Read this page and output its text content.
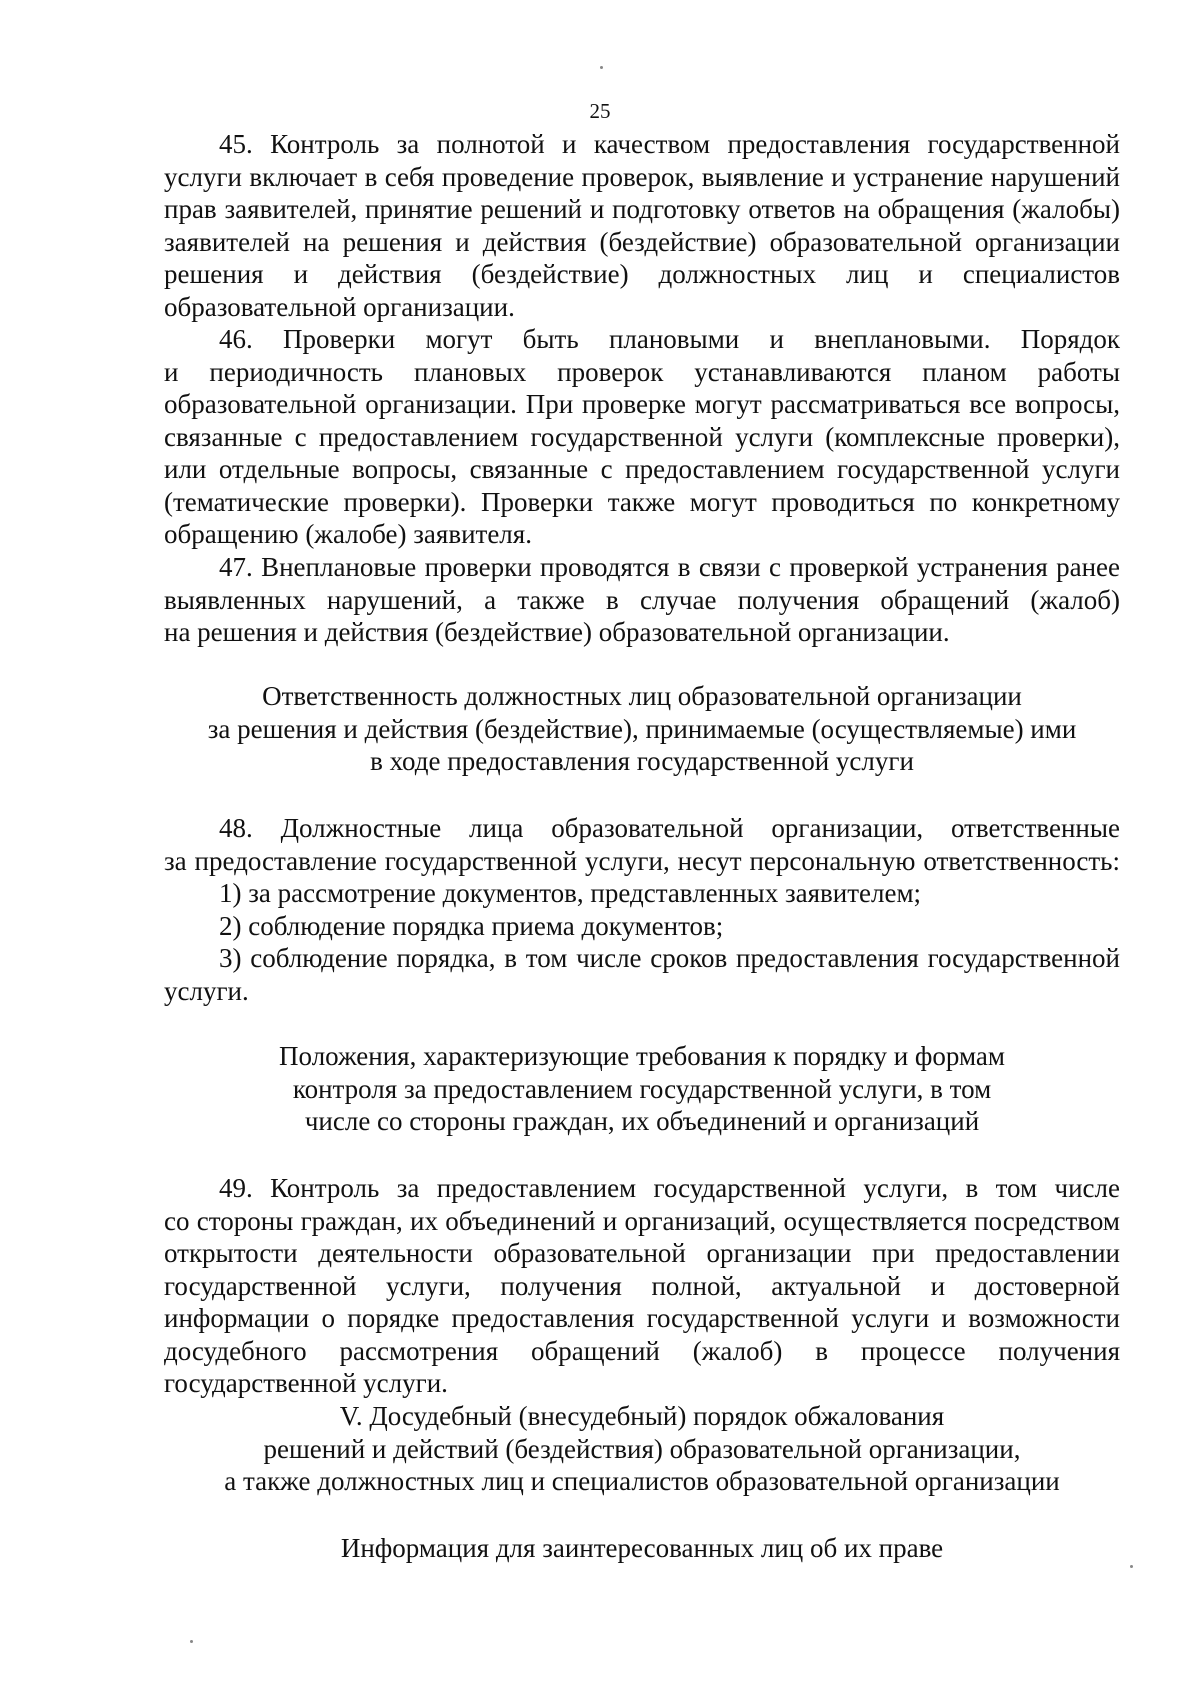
25
45. Контроль за полнотой и качеством предоставления государственной
услуги включает в себя проведение проверок, выявление и устранение нарушений
прав заявителей, принятие решений и подготовку ответов на обращения (жалобы)
заявителей на решения и действия (бездействие) образовательной организации
решения и действия (бездействие) должностных лиц и специалистов
образовательной организации.
46. Проверки могут быть плановыми и внеплановыми. Порядок
и периодичность плановых проверок устанавливаются планом работы
образовательной организации. При проверке могут рассматриваться все вопросы,
связанные с предоставлением государственной услуги (комплексные проверки),
или отдельные вопросы, связанные с предоставлением государственной услуги
(тематические проверки). Проверки также могут проводиться по конкретному
обращению (жалобе) заявителя.
47. Внеплановые проверки проводятся в связи с проверкой устранения ранее
выявленных нарушений, а также в случае получения обращений (жалоб)
на решения и действия (бездействие) образовательной организации.
Ответственность должностных лиц образовательной организации
за решения и действия (бездействие), принимаемые (осуществляемые) ими
в ходе предоставления государственной услуги
48. Должностные лица образовательной организации, ответственные
за предоставление государственной услуги, несут персональную ответственность:
1) за рассмотрение документов, представленных заявителем;
2) соблюдение порядка приема документов;
3) соблюдение порядка, в том числе сроков предоставления государственной
услуги.
Положения, характеризующие требования к порядку и формам
контроля за предоставлением государственной услуги, в том
числе со стороны граждан, их объединений и организаций
49. Контроль за предоставлением государственной услуги, в том числе
со стороны граждан, их объединений и организаций, осуществляется посредством
открытости деятельности образовательной организации при предоставлении
государственной услуги, получения полной, актуальной и достоверной
информации о порядке предоставления государственной услуги и возможности
досудебного рассмотрения обращений (жалоб) в процессе получения
государственной услуги.
V. Досудебный (внесудебный) порядок обжалования
решений и действий (бездействия) образовательной организации,
а также должностных лиц и специалистов образовательной организации
Информация для заинтересованных лиц об их праве
